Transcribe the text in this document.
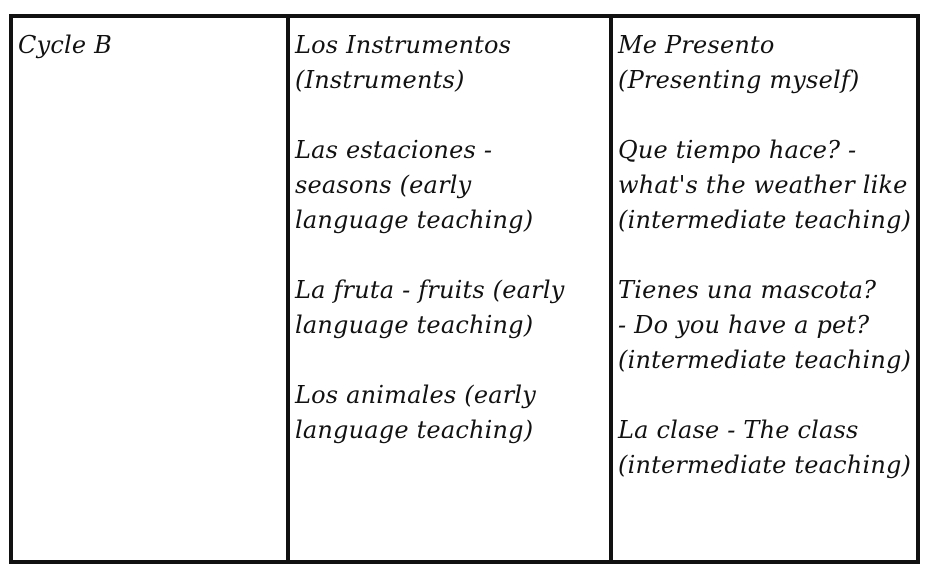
Cycle B	Los Instrumentos
(Instruments)
Las estaciones -
seasons (early
language teaching)
La fruta - fruits (early
language teaching)
Los animales (early
language teaching)
Me Presento
(Presenting myself)
Que tiempo hace? -
what's the weather like
(intermediate teaching)
Tienes una mascota?
- Do you have a pet?
(intermediate teaching)
La clase - The class
(intermediate teaching)
